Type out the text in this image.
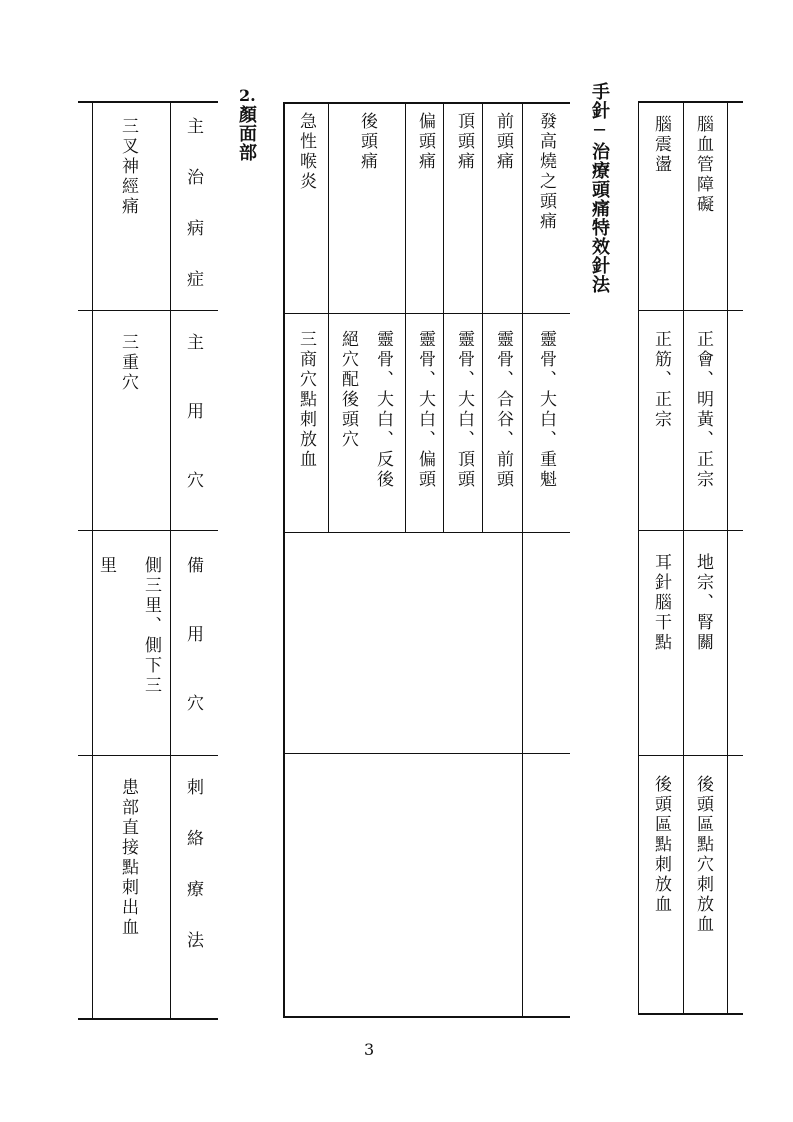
腦血管障礙
正會、明黃、正宗
地宗、腎關
後頭區點穴刺放血
腦震盪
正筋、正宗
耳針腦干點
後頭區點刺放血
手針─治療頭痛特效針法
發高燒之頭痛
前頭痛
頂頭痛
偏頭痛
後頭痛
急性喉炎
靈骨、大白、重魁
靈骨、合谷、前頭
靈骨、大白、頂頭
靈骨、大白、偏頭
靈骨、大白、反後
絕穴配後頭穴
三商穴點刺放血
2.
顏面部
主治病症
主用穴
備用穴
刺絡療法
三叉神經痛
三重穴
側三里、側下三
里
患部直接點刺出血
3
